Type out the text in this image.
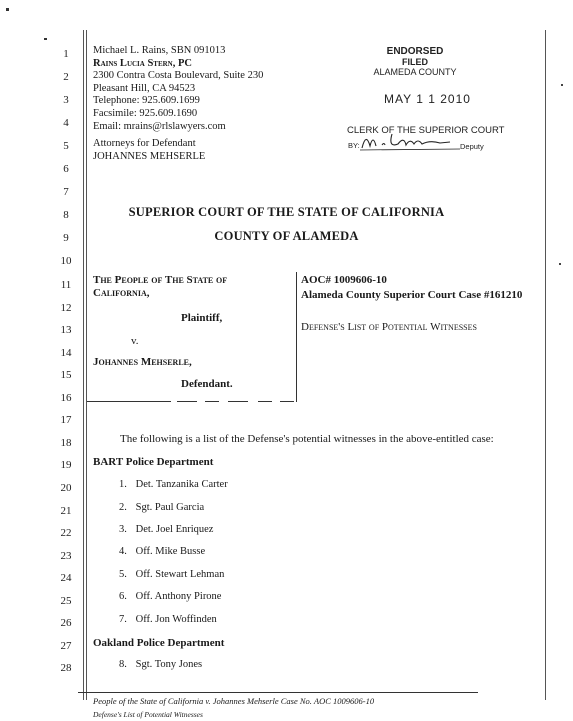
1
2
3
4
5
6
7
8
9
10
11
12
13
14
15
16
17
18
19
20
21
22
23
24
25
26
27
28
Michael L. Rains, SBN 091013
Rains Lucia Stern, PC
2300 Contra Costa Boulevard, Suite 230
Pleasant Hill, CA 94523
Telephone: 925.609.1699
Facsimile: 925.609.1690
Email: mrains@rlslawyers.com
Attorneys for Defendant
JOHANNES MEHSERLE
ENDORSED
FILED
ALAMEDA COUNTY
MAY 1 1 2010
CLERK OF THE SUPERIOR COURT
BY:	Deputy
SUPERIOR COURT OF THE STATE OF CALIFORNIA
COUNTY OF ALAMEDA
The People of The State of
California,
Plaintiff,
v.
Johannes Mehserle,
Defendant.
AOC# 1009606-10
Alameda County Superior Court Case #161210
Defense's List of Potential Witnesses
The following is a list of the Defense's potential witnesses in the above-entitled case:
BART Police Department
1. Det. Tanzanika Carter
2. Sgt. Paul Garcia
3. Det. Joel Enriquez
4. Off. Mike Busse
5. Off. Stewart Lehman
6. Off. Anthony Pirone
7. Off. Jon Woffinden
Oakland Police Department
8. Sgt. Tony Jones
People of the State of California v. Johannes Mehserle Case No. AOC 1009606-10
Defense's List of Potential Witnesses
